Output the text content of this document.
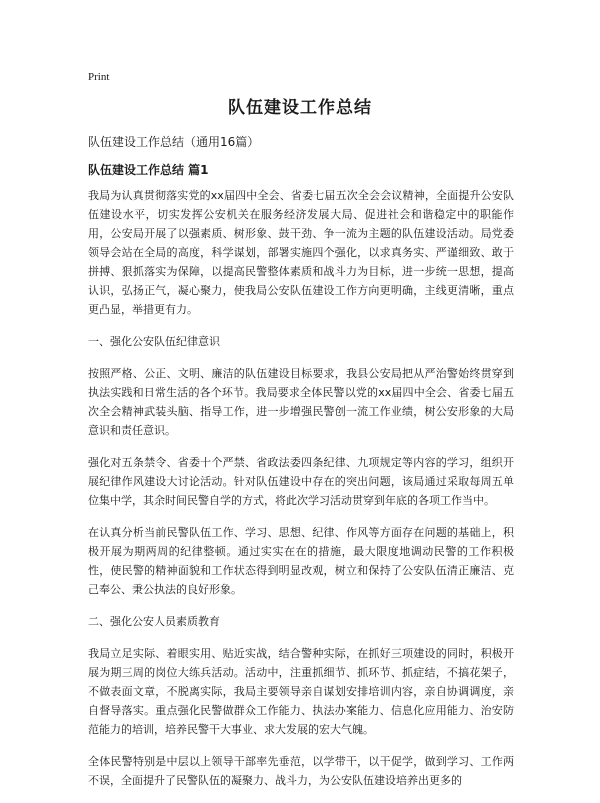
Print
队伍建设工作总结
队伍建设工作总结（通用16篇）
队伍建设工作总结 篇1

我局为认真贯彻落实党的xx届四中全会、省委七届五次全会会议精神，全面提升公安队伍建设水平，切实发挥公安机关在服务经济发展大局、促进社会和谐稳定中的职能作用，公安局开展了以强素质、树形象、鼓干劲、争一流为主题的队伍建设活动。局党委领导会站在全局的高度，科学谋划，部署实施四个强化，以求真务实、严谨细致、敢于拼搏、狠抓落实为保障，以提高民警整体素质和战斗力为目标，进一步统一思想，提高认识，弘扬正气，凝心聚力，使我局公安队伍建设工作方向更明确，主线更清晰，重点更凸显，举措更有力。

一、强化公安队伍纪律意识

按照严格、公正、文明、廉洁的队伍建设目标要求，我县公安局把从严治警始终贯穿到执法实践和日常生活的各个环节。我局要求全体民警以党的xx届四中全会、省委七届五次全会精神武装头脑、指导工作，进一步增强民警创一流工作业绩，树公安形象的大局意识和责任意识。

强化对五条禁令、省委十个严禁、省政法委四条纪律、九项规定等内容的学习，组织开展纪律作风建设大讨论活动。针对队伍建设中存在的突出问题，该局通过采取每周五单位集中学，其余时间民警自学的方式，将此次学习活动贯穿到年底的各项工作当中。

在认真分析当前民警队伍工作、学习、思想、纪律、作风等方面存在问题的基础上，积极开展为期两周的纪律整顿。通过实实在在的措施，最大限度地调动民警的工作积极性，使民警的精神面貌和工作状态得到明显改观，树立和保持了公安队伍清正廉洁、克己奉公、秉公执法的良好形象。

二、强化公安人员素质教育

我局立足实际、着眼实用、贴近实战，结合警种实际，在抓好三项建设的同时，积极开展为期三周的岗位大练兵活动。活动中，注重抓细节、抓环节、抓症结，不搞花架子，不做表面文章，不脱离实际，我局主要领导亲自谋划安排培训内容，亲自协调调度，亲自督导落实。重点强化民警做群众工作能力、执法办案能力、信息化应用能力、治安防范能力的培训，培养民警干大事业、求大发展的宏大气魄。

全体民警特别是中层以上领导干部率先垂范，以学带干，以干促学，做到学习、工作两不误，全面提升了民警队伍的凝聚力、战斗力，为公安队伍建设培养出更多的
